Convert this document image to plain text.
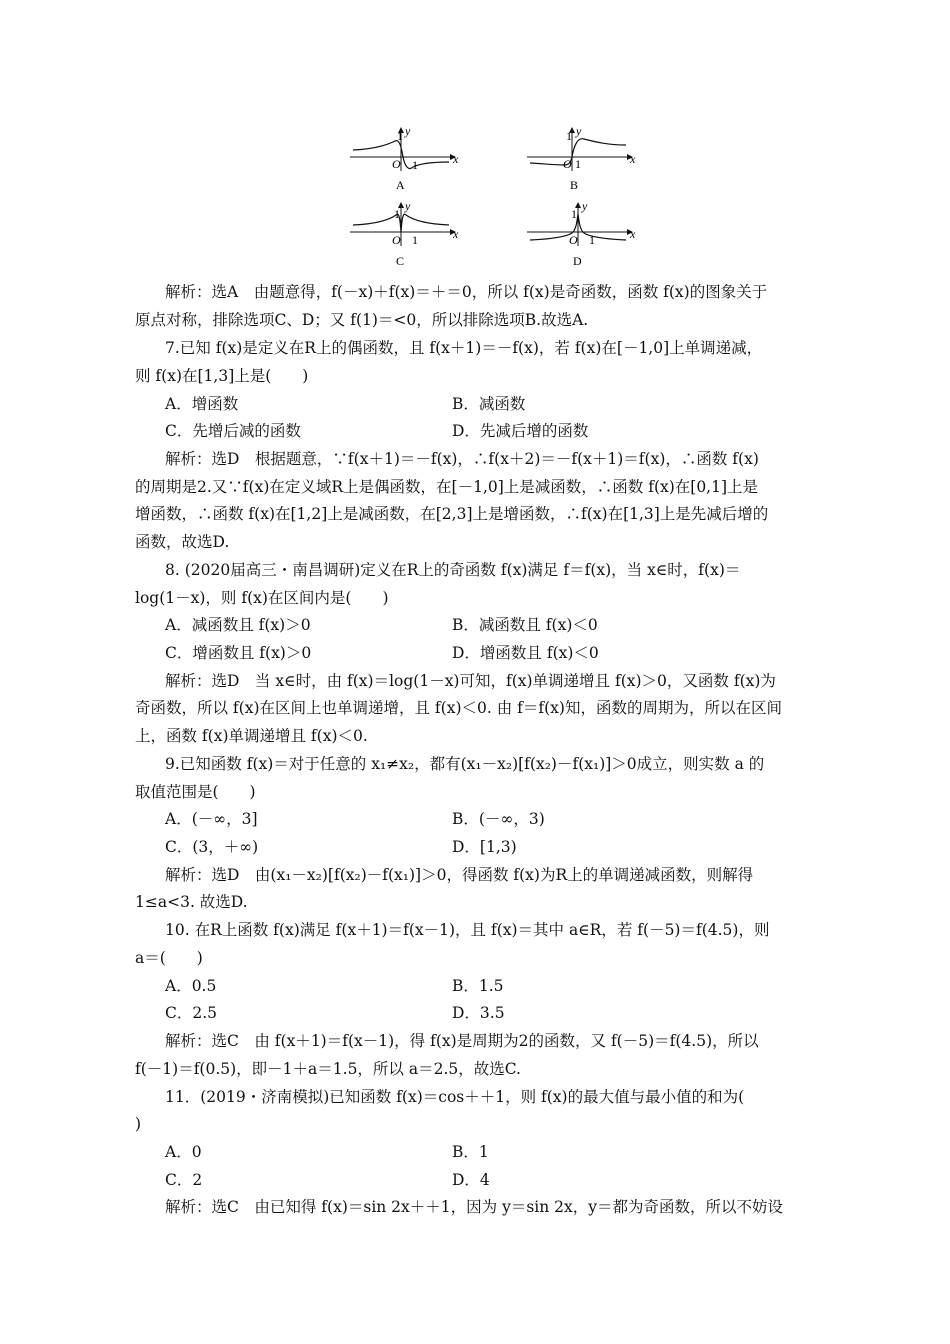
y
1
O 1	x
A
y
1
O 1	x
B
y
1
O 1	x
C
y
1
O 1	x
D
解析：选A　由题意得，f(－x)＋f(x)＝＋＝0，所以 f(x)是奇函数，函数 f(x)的图象关于
原点对称，排除选项C、D；又 f(1)＝<0，所以排除选项B.故选A.
7.已知 f(x)是定义在R上的偶函数，且 f(x＋1)＝－f(x)，若 f(x)在[－1,0]上单调递减，
则 f(x)在[1,3]上是(　　)
A．增函数	B．减函数
C．先增后减的函数	D．先减后增的函数
解析：选D　根据题意，∵f(x＋1)＝－f(x)，∴f(x＋2)＝－f(x＋1)＝f(x)，∴函数 f(x)
的周期是2.又∵f(x)在定义域R上是偶函数，在[－1,0]上是减函数，∴函数 f(x)在[0,1]上是
增函数，∴函数 f(x)在[1,2]上是减函数，在[2,3]上是增函数，∴f(x)在[1,3]上是先减后增的
函数，故选D.
8. (2020届高三・南昌调研)定义在R上的奇函数 f(x)满足 f＝f(x)，当 x∈时，f(x)＝
log(1－x)，则 f(x)在区间内是(　　)
A．减函数且 f(x)＞0	B．减函数且 f(x)＜0
C．增函数且 f(x)＞0	D．增函数且 f(x)＜0
解析：选D　当 x∈时，由 f(x)＝log(1－x)可知，f(x)单调递增且 f(x)＞0，又函数 f(x)为
奇函数，所以 f(x)在区间上也单调递增，且 f(x)＜0. 由 f＝f(x)知，函数的周期为，所以在区间
上，函数 f(x)单调递增且 f(x)＜0.
9.已知函数 f(x)＝对于任意的 x₁≠x₂，都有(x₁－x₂)[f(x₂)－f(x₁)]＞0成立，则实数 a 的
取值范围是(　　)
A．(－∞，3]	B．(－∞，3)
C．(3，＋∞)	D．[1,3)
解析：选D　由(x₁－x₂)[f(x₂)－f(x₁)]＞0，得函数 f(x)为R上的单调递减函数，则解得
1≤a<3. 故选D.
10. 在R上函数 f(x)满足 f(x＋1)＝f(x－1)，且 f(x)＝其中 a∈R，若 f(－5)＝f(4.5)，则
a＝(　　)
A．0.5	B．1.5
C．2.5	D．3.5
解析：选C　由 f(x＋1)＝f(x－1)，得 f(x)是周期为2的函数，又 f(－5)＝f(4.5)，所以
f(－1)＝f(0.5)，即－1＋a＝1.5，所以 a＝2.5，故选C.
11．(2019・济南模拟)已知函数 f(x)＝cos＋＋1，则 f(x)的最大值与最小值的和为(
)
A．0	B．1
C．2	D．4
解析：选C　由已知得 f(x)＝sin 2x＋＋1，因为 y＝sin 2x，y＝都为奇函数，所以不妨设
